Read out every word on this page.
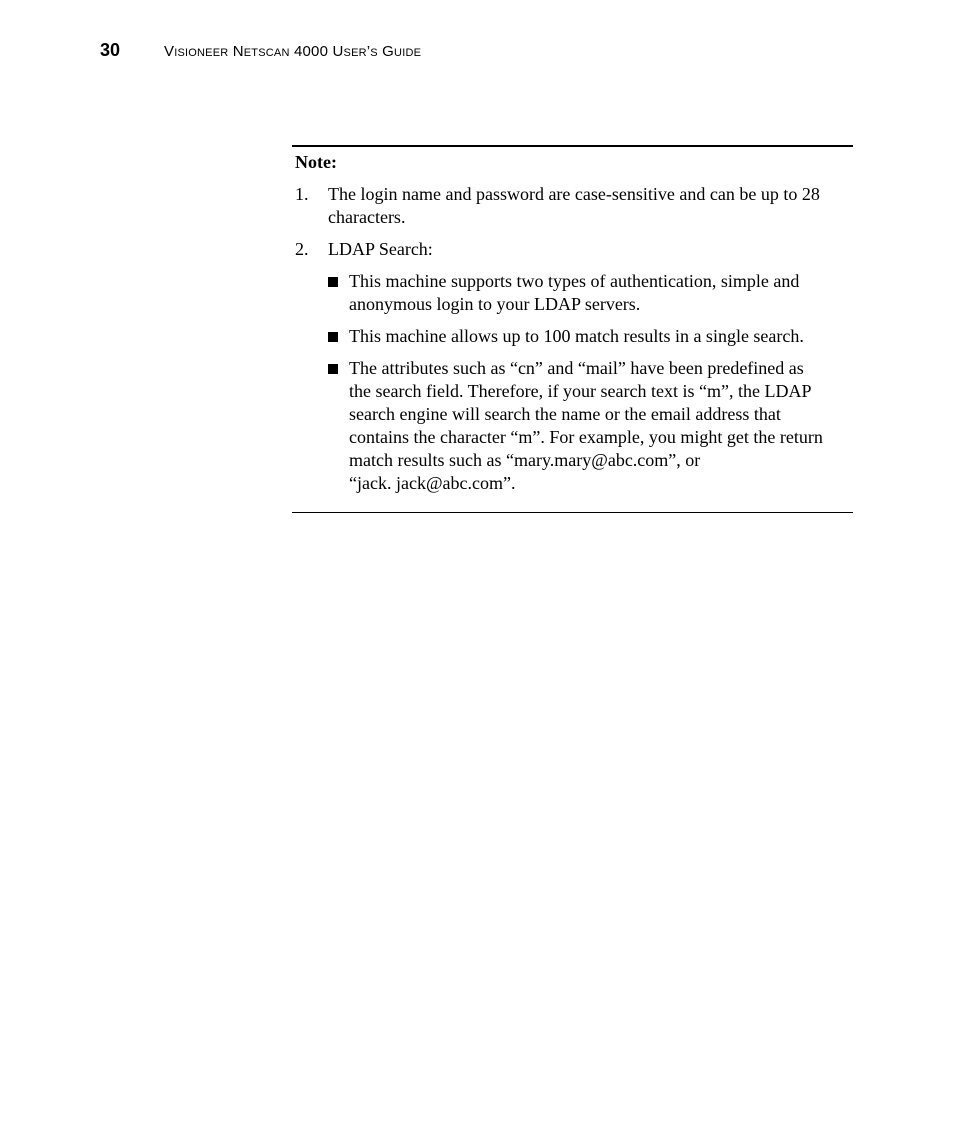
30	Visioneer Netscan 4000 User’s Guide
Note:
1.	The login name and password are case-sensitive and can be up to 28
characters.
2.	LDAP Search:
This machine supports two types of authentication, simple and
anonymous login to your LDAP servers.
This machine allows up to 100 match results in a single search.
The attributes such as “cn” and “mail” have been predefined as
the search field. Therefore, if your search text is “m”, the LDAP
search engine will search the name or the email address that
contains the character “m”. For example, you might get the return
match results such as “mary.mary@abc.com”, or
“jack. jack@abc.com”.
